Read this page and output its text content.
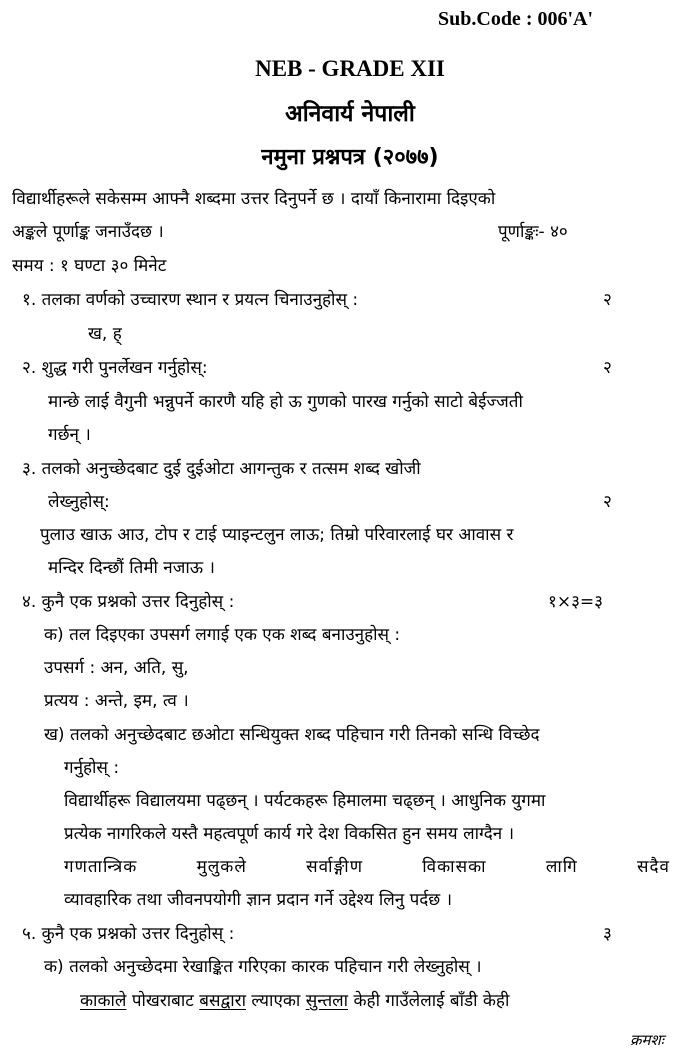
Sub.Code : 006'A'
NEB - GRADE XII
अनिवार्य नेपाली
नमुना प्रश्नपत्र (२०७७)
विद्यार्थीहरूले सकेसम्म आफ्नै शब्दमा उत्तर दिनुपर्ने छ । दायाँ किनारामा दिइएको
अङ्कले पूर्णाङ्क जनाउँदछ ।	पूर्णाङ्कः- ४०
समय : १ घण्टा ३० मिनेट
१. तलका वर्णको उच्चारण स्थान र प्रयत्न चिनाउनुहोस् :	२
ख, ह्
२. शुद्ध गरी पुनर्लेखन गर्नुहोस्:	२
मान्छे लाई वैगुनी भन्नुपर्ने कारणै यहि हो ऊ गुणको पारख गर्नुको साटो बेईज्जती
गर्छन् ।
३. तलको अनुच्छेदबाट दुई दुईओटा आगन्तुक र तत्सम शब्द खोजी
लेख्नुहोस्:	२
पुलाउ खाऊ आउ, टोप र टाई प्याइन्टलुन लाऊ; तिम्रो परिवारलाई घर आवास र
मन्दिर दिन्छौं तिमी नजाऊ ।
४. कुनै एक प्रश्नको उत्तर दिनुहोस् :	१×३=३
क) तल दिइएका उपसर्ग लगाई एक एक शब्द बनाउनुहोस् :
उपसर्ग : अन, अति, सु,
प्रत्यय : अन्ते, इम, त्व ।
ख) तलको अनुच्छेदबाट छओटा सन्धियुक्त शब्द पहिचान गरी तिनको सन्धि विच्छेद
गर्नुहोस् :
विद्यार्थीहरू विद्यालयमा पढ्छन् । पर्यटकहरू हिमालमा चढ्छन् । आधुनिक युगमा
प्रत्येक नागरिकले यस्तै महत्वपूर्ण कार्य गरे देश विकसित हुन समय लाग्दैन ।
गणतान्त्रिक मुलुकले सर्वाङ्गीण विकासका लागि सदैव
व्यावहारिक तथा जीवनपयोगी ज्ञान प्रदान गर्ने उद्देश्य लिनु पर्दछ ।
५. कुनै एक प्रश्नको उत्तर दिनुहोस् :	३
क) तलको अनुच्छेदमा रेखाङ्कित गरिएका कारक पहिचान गरी लेख्नुहोस् ।
काकाले पोखराबाट बसद्वारा ल्याएका सुन्तला केही गाउँलेलाई बाँडी केही
क्रमशः
